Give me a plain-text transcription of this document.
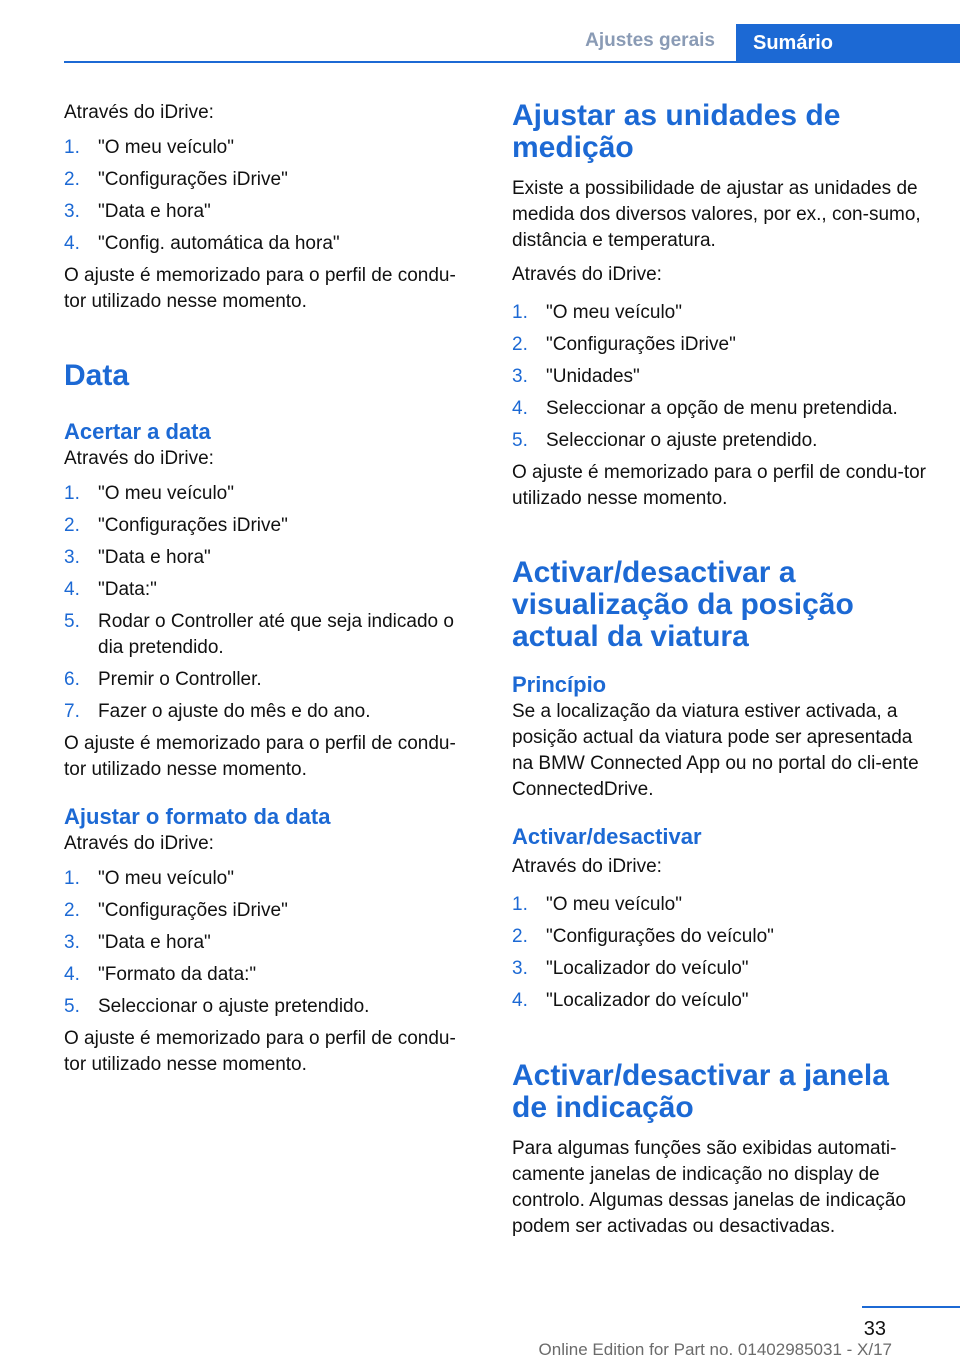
Ajustes gerais	Sumário

Através do iDrive:

1. "O meu veículo"
2. "Configurações iDrive"
3. "Data e hora"
4. "Config. automática da hora"

O ajuste é memorizado para o perfil de condu-tor utilizado nesse momento.

Data
Acertar a data

Através do iDrive:

1. "O meu veículo"
2. "Configurações iDrive"
3. "Data e hora"
4. "Data:"
5. Rodar o Controller até que seja indicado o dia pretendido.
6. Premir o Controller.
7. Fazer o ajuste do mês e do ano.

O ajuste é memorizado para o perfil de condu-tor utilizado nesse momento.

Ajustar o formato da data

Através do iDrive:

1. "O meu veículo"
2. "Configurações iDrive"
3. "Data e hora"
4. "Formato da data:"
5. Seleccionar o ajuste pretendido.

O ajuste é memorizado para o perfil de condu-tor utilizado nesse momento.

Ajustar as unidades de medição

Existe a possibilidade de ajustar as unidades de medida dos diversos valores, por ex., con-sumo, distância e temperatura.

Através do iDrive:

1. "O meu veículo"
2. "Configurações iDrive"
3. "Unidades"
4. Seleccionar a opção de menu pretendida.
5. Seleccionar o ajuste pretendido.

O ajuste é memorizado para o perfil de condu-tor utilizado nesse momento.

Activar/desactivar a visualização da posição actual da viatura
Princípio

Se a localização da viatura estiver activada, a posição actual da viatura pode ser apresentada na BMW Connected App ou no portal do cli-ente ConnectedDrive.

Activar/desactivar

Através do iDrive:

1. "O meu veículo"
2. "Configurações do veículo"
3. "Localizador do veículo"
4. "Localizador do veículo"
Activar/desactivar a janela de indicação

Para algumas funções são exibidas automati-camente janelas de indicação no display de controlo. Algumas dessas janelas de indicação podem ser activadas ou desactivadas.

33
Online Edition for Part no. 01402985031 - X/17
